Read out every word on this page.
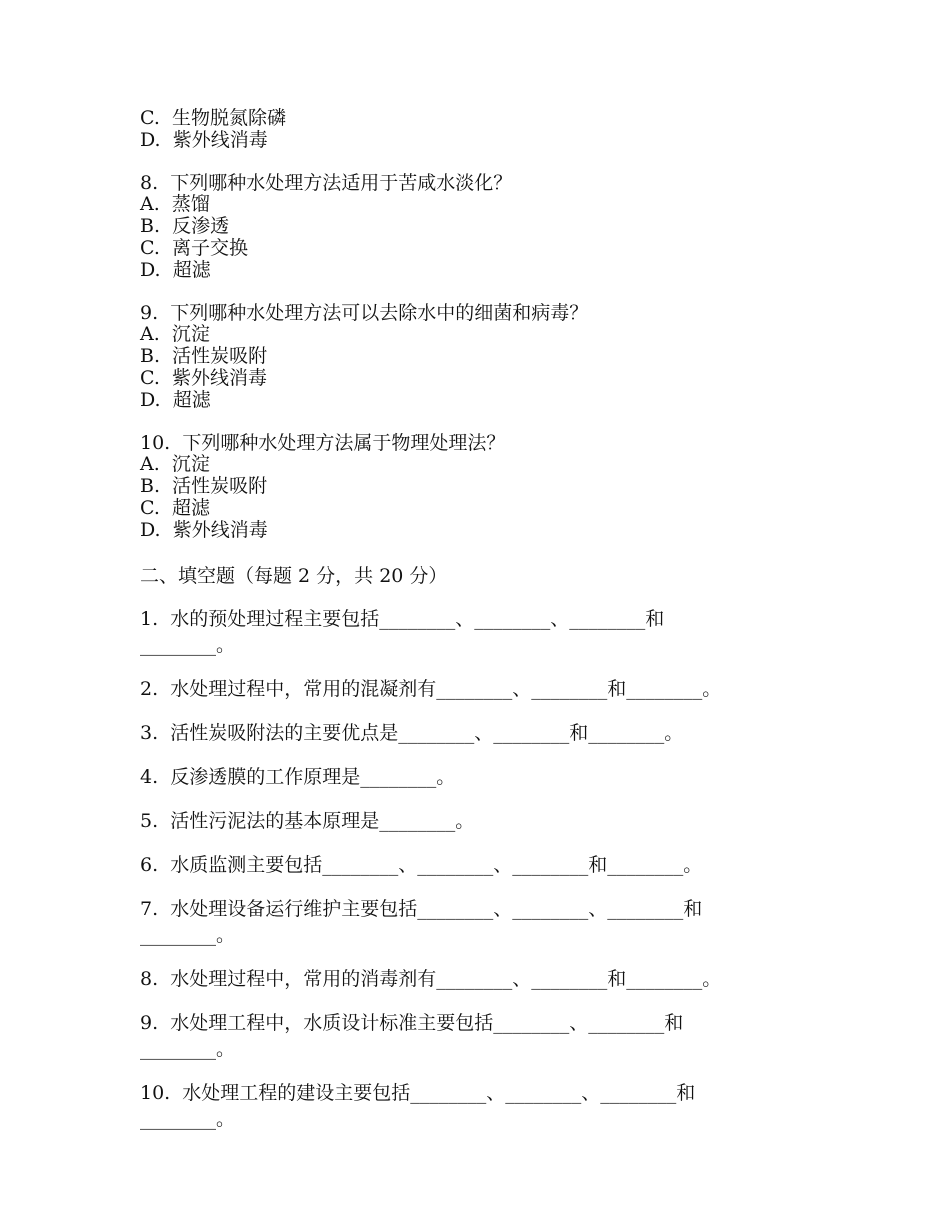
C. 生物脱氮除磷
D. 紫外线消毒
8. 下列哪种水处理方法适用于苦咸水淡化？
A. 蒸馏
B. 反渗透
C. 离子交换
D. 超滤
9. 下列哪种水处理方法可以去除水中的细菌和病毒？
A. 沉淀
B. 活性炭吸附
C. 紫外线消毒
D. 超滤
10. 下列哪种水处理方法属于物理处理法？
A. 沉淀
B. 活性炭吸附
C. 超滤
D. 紫外线消毒
二、填空题（每题 2 分，共 20 分）
1.  水的预处理过程主要包括________、________、________和
________。
2.  水处理过程中，常用的混凝剂有________、________和________。
3.  活性炭吸附法的主要优点是________、________和________。
4.  反渗透膜的工作原理是________。
5.  活性污泥法的基本原理是________。
6.  水质监测主要包括________、________、________和________。
7.  水处理设备运行维护主要包括________、________、________和
________。
8.  水处理过程中，常用的消毒剂有________、________和________。
9.  水处理工程中，水质设计标准主要包括________、________和
________。
10.  水处理工程的建设主要包括________、________、________和
________。
